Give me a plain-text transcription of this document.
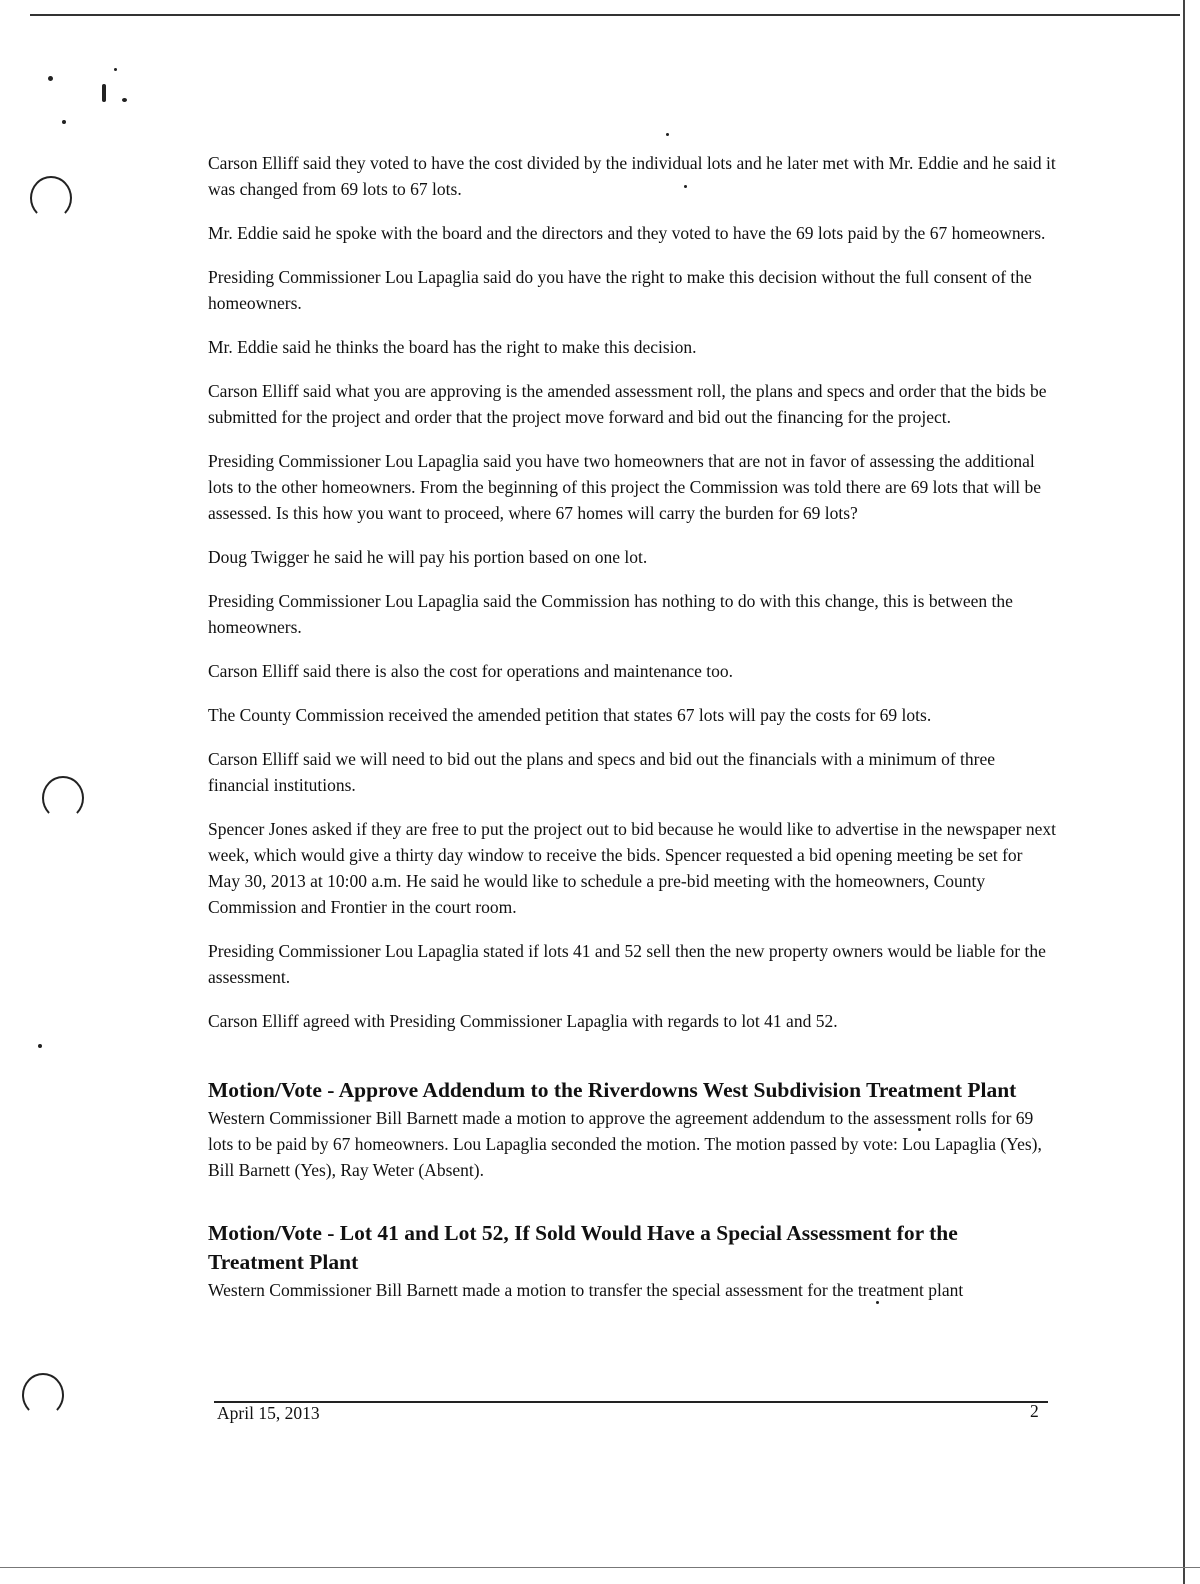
Carson Elliff said they voted to have the cost divided by the individual lots and he later met with Mr. Eddie and he said it was changed from 69 lots to 67 lots.

Mr. Eddie said he spoke with the board and the directors and they voted to have the 69 lots paid by the 67 homeowners.

Presiding Commissioner Lou Lapaglia said do you have the right to make this decision without the full consent of the homeowners.

Mr. Eddie said he thinks the board has the right to make this decision.

Carson Elliff said what you are approving is the amended assessment roll, the plans and specs and order that the bids be submitted for the project and order that the project move forward and bid out the financing for the project.

Presiding Commissioner Lou Lapaglia said you have two homeowners that are not in favor of assessing the additional lots to the other homeowners. From the beginning of this project the Commission was told there are 69 lots that will be assessed. Is this how you want to proceed, where 67 homes will carry the burden for 69 lots?

Doug Twigger he said he will pay his portion based on one lot.

Presiding Commissioner Lou Lapaglia said the Commission has nothing to do with this change, this is between the homeowners.

Carson Elliff said there is also the cost for operations and maintenance too.

The County Commission received the amended petition that states 67 lots will pay the costs for 69 lots.

Carson Elliff said we will need to bid out the plans and specs and bid out the financials with a minimum of three financial institutions.

Spencer Jones asked if they are free to put the project out to bid because he would like to advertise in the newspaper next week, which would give a thirty day window to receive the bids. Spencer requested a bid opening meeting be set for May 30, 2013 at 10:00 a.m. He said he would like to schedule a pre-bid meeting with the homeowners, County Commission and Frontier in the court room.

Presiding Commissioner Lou Lapaglia stated if lots 41 and 52 sell then the new property owners would be liable for the assessment.

Carson Elliff agreed with Presiding Commissioner Lapaglia with regards to lot 41 and 52.

Motion/Vote - Approve Addendum to the Riverdowns West Subdivision Treatment Plant

Western Commissioner Bill Barnett made a motion to approve the agreement addendum to the assessment rolls for 69 lots to be paid by 67 homeowners. Lou Lapaglia seconded the motion. The motion passed by vote: Lou Lapaglia (Yes), Bill Barnett (Yes), Ray Weter (Absent).

Motion/Vote - Lot 41 and Lot 52, If Sold Would Have a Special Assessment for the Treatment Plant

Western Commissioner Bill Barnett made a motion to transfer the special assessment for the treatment plant

April 15, 2013	2
